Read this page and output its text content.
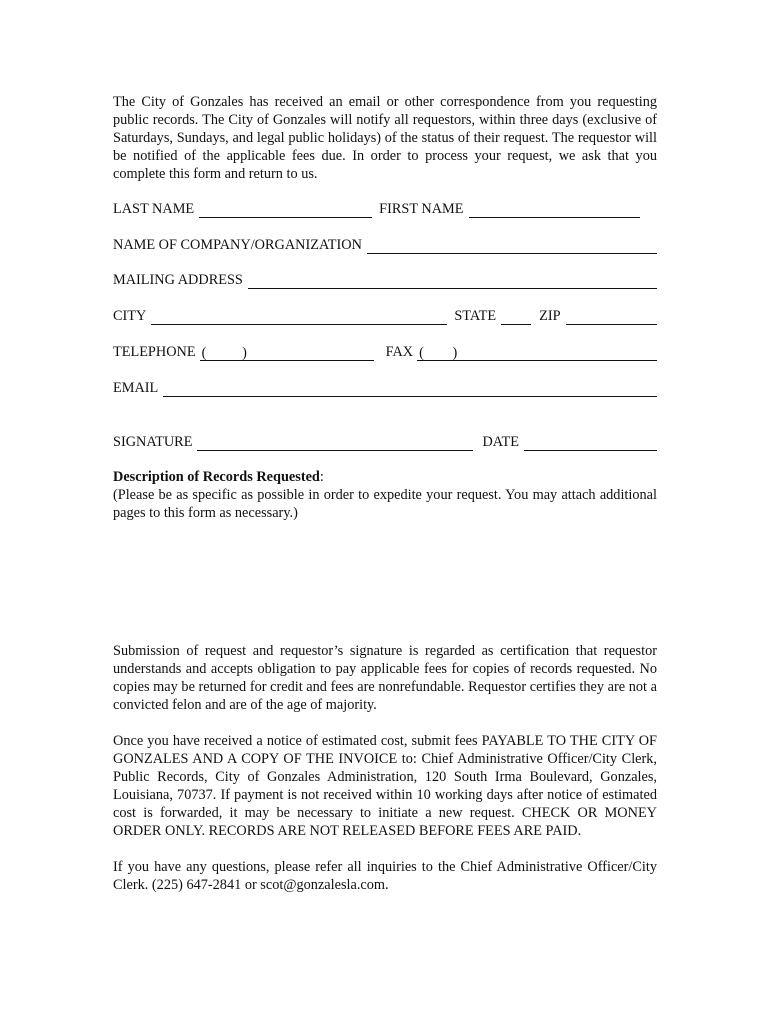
The City of Gonzales has received an email or other correspondence from you requesting public records. The City of Gonzales will notify all requestors, within three days (exclusive of Saturdays, Sundays, and legal public holidays) of the status of their request. The requestor will be notified of the applicable fees due. In order to process your request, we ask that you complete this form and return to us.

LAST NAME	FIRST NAME
NAME OF COMPANY/ORGANIZATION
MAILING ADDRESS
CITY	STATE	ZIP
TELEPHONE (          )	FAX (        )
EMAIL
SIGNATURE	DATE

Description of Records Requested:

(Please be as specific as possible in order to expedite your request. You may attach additional pages to this form as necessary.)

Submission of request and requestor’s signature is regarded as certification that requestor understands and accepts obligation to pay applicable fees for copies of records requested. No copies may be returned for credit and fees are nonrefundable. Requestor certifies they are not a convicted felon and are of the age of majority.

Once you have received a notice of estimated cost, submit fees PAYABLE TO THE CITY OF GONZALES AND A COPY OF THE INVOICE to: Chief Administrative Officer/City Clerk, Public Records, City of Gonzales Administration, 120 South Irma Boulevard, Gonzales, Louisiana, 70737. If payment is not received within 10 working days after notice of estimated cost is forwarded, it may be necessary to initiate a new request. CHECK OR MONEY ORDER ONLY. RECORDS ARE NOT RELEASED BEFORE FEES ARE PAID.

If you have any questions, please refer all inquiries to the Chief Administrative Officer/City Clerk. (225) 647-2841 or scot@gonzalesla.com.
